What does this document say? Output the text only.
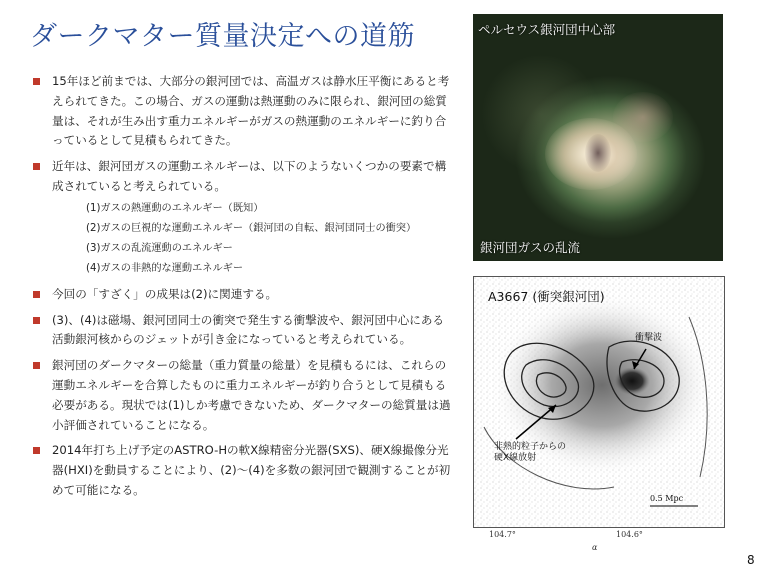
ダークマター質量決定への道筋
15年ほど前までは、大部分の銀河団では、高温ガスは静水圧平衡にあると考えられてきた。この場合、ガスの運動は熱運動のみに限られ、銀河団の総質量は、それが生み出す重力エネルギーがガスの熱運動のエネルギーに釣り合っているとして見積もられてきた。
近年は、銀河団ガスの運動エネルギーは、以下のようないくつかの要素で構成されていると考えられている。
(1)ガスの熱運動のエネルギー（既知）
(2)ガスの巨視的な運動エネルギー（銀河団の自転、銀河団同士の衝突）
(3)ガスの乱流運動のエネルギー
(4)ガスの非熱的な運動エネルギー
今回の「すざく」の成果は(2)に関連する。
(3)、(4)は磁場、銀河団同士の衝突で発生する衝撃波や、銀河団中心にある活動銀河核からのジェットが引き金になっていると考えられている。
銀河団のダークマターの総量（重力質量の総量）を見積もるには、これらの運動エネルギーを合算したものに重力エネルギーが釣り合うとして見積もる必要がある。現状では(1)しか考慮できないため、ダークマターの総質量は過小評価されていることになる。
2014年打ち上げ予定のASTRO-Hの軟X線精密分光器(SXS)、硬X線撮像分光器(HXI)を動員することにより、(2)〜(4)を多数の銀河団で観測することが初めて可能になる。
ペルセウス銀河団中心部
銀河団ガスの乱流
A3667 (衝突銀河団)
衝撃波
非熱的粒子からの
硬X線放射
0.5 Mpc
104.7°	104.6°
α
8
